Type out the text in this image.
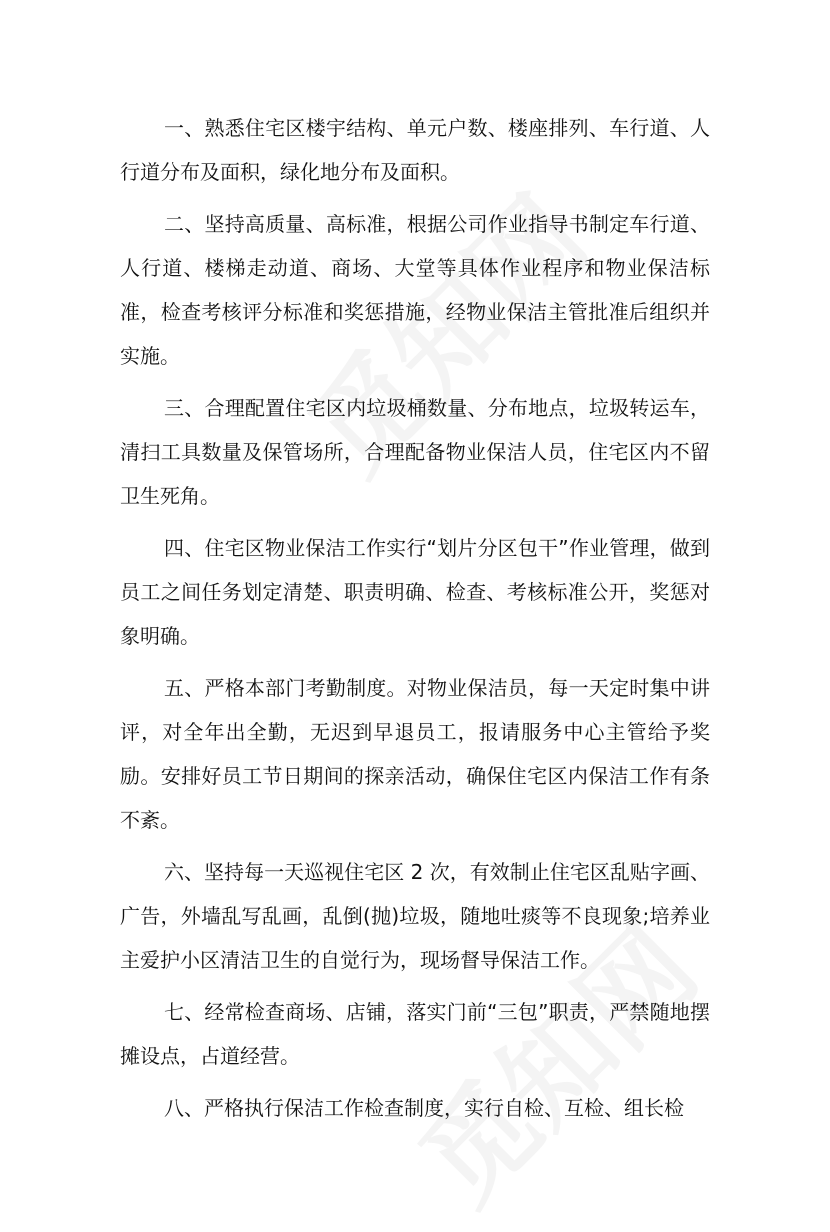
一、熟悉住宅区楼宇结构、单元户数、楼座排列、车行道、人行道分布及面积，绿化地分布及面积。

二、坚持高质量、高标准，根据公司作业指导书制定车行道、人行道、楼梯走动道、商场、大堂等具体作业程序和物业保洁标准，检查考核评分标准和奖惩措施，经物业保洁主管批准后组织并实施。

三、合理配置住宅区内垃圾桶数量、分布地点，垃圾转运车，清扫工具数量及保管场所，合理配备物业保洁人员，住宅区内不留卫生死角。

四、住宅区物业保洁工作实行“划片分区包干”作业管理，做到员工之间任务划定清楚、职责明确、检查、考核标准公开，奖惩对象明确。

五、严格本部门考勤制度。对物业保洁员，每一天定时集中讲评，对全年出全勤，无迟到早退员工，报请服务中心主管给予奖励。安排好员工节日期间的探亲活动，确保住宅区内保洁工作有条不紊。

六、坚持每一天巡视住宅区 2 次，有效制止住宅区乱贴字画、广告，外墙乱写乱画，乱倒(抛)垃圾，随地吐痰等不良现象;培养业主爱护小区清洁卫生的自觉行为，现场督导保洁工作。

七、经常检查商场、店铺，落实门前“三包”职责，严禁随地摆摊设点，占道经营。

八、严格执行保洁工作检查制度，实行自检、互检、组长检
